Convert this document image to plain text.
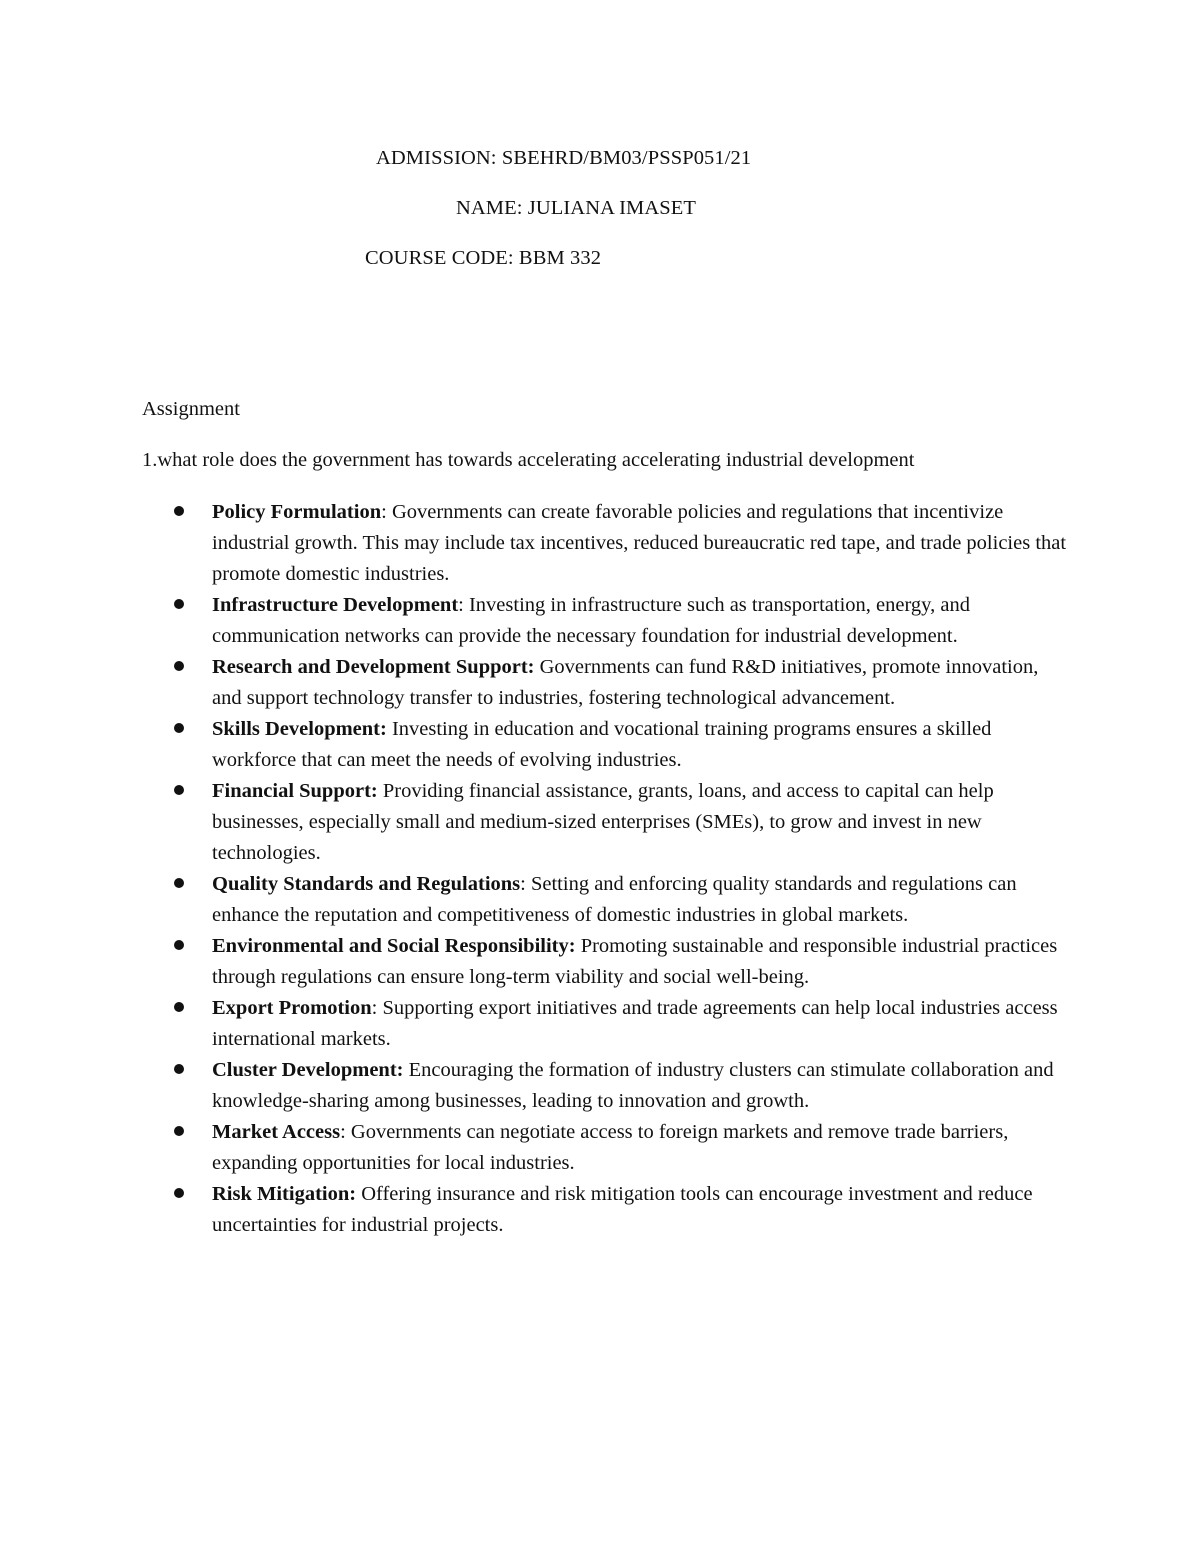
ADMISSION: SBEHRD/BM03/PSSP051/21
NAME: JULIANA IMASET
COURSE CODE: BBM 332
Assignment
1.what role does the government has towards accelerating accelerating industrial development
Policy Formulation: Governments can create favorable policies and regulations that incentivize industrial growth. This may include tax incentives, reduced bureaucratic red tape, and trade policies that promote domestic industries.
Infrastructure Development: Investing in infrastructure such as transportation, energy, and communication networks can provide the necessary foundation for industrial development.
Research and Development Support: Governments can fund R&D initiatives, promote innovation, and support technology transfer to industries, fostering technological advancement.
Skills Development: Investing in education and vocational training programs ensures a skilled workforce that can meet the needs of evolving industries.
Financial Support: Providing financial assistance, grants, loans, and access to capital can help businesses, especially small and medium-sized enterprises (SMEs), to grow and invest in new technologies.
Quality Standards and Regulations: Setting and enforcing quality standards and regulations can enhance the reputation and competitiveness of domestic industries in global markets.
Environmental and Social Responsibility: Promoting sustainable and responsible industrial practices through regulations can ensure long-term viability and social well-being.
Export Promotion: Supporting export initiatives and trade agreements can help local industries access international markets.
Cluster Development: Encouraging the formation of industry clusters can stimulate collaboration and knowledge-sharing among businesses, leading to innovation and growth.
Market Access: Governments can negotiate access to foreign markets and remove trade barriers, expanding opportunities for local industries.
Risk Mitigation: Offering insurance and risk mitigation tools can encourage investment and reduce uncertainties for industrial projects.
